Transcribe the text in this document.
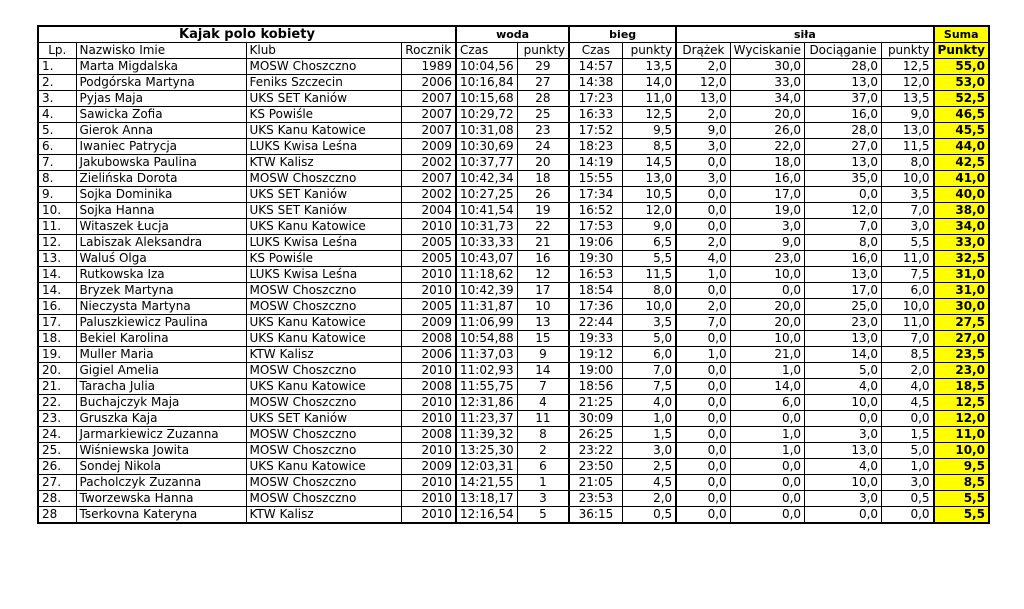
Kajak polo kobiety				woda		bieg		siła				Suma
Lp.	Nazwisko Imie	Klub	Rocznik	Czas	punkty	Czas	punkty	Drążek	Wyciskanie	Dociąganie	punkty	Punkty
1.	Marta Migdalska	MOSW Choszczno	1989	10:04,56	29	14:57	13,5	2,0	30,0	28,0	12,5	55,0
2.	Podgórska Martyna	Feniks Szczecin	2006	10:16,84	27	14:38	14,0	12,0	33,0	13,0	12,0	53,0
3.	Pyjas Maja	UKS SET Kaniów	2007	10:15,68	28	17:23	11,0	13,0	34,0	37,0	13,5	52,5
4.	Sawicka Zofia	KS Powiśle	2007	10:29,72	25	16:33	12,5	2,0	20,0	16,0	9,0	46,5
5.	Gierok Anna	UKS Kanu Katowice	2007	10:31,08	23	17:52	9,5	9,0	26,0	28,0	13,0	45,5
6.	Iwaniec Patrycja	LUKS Kwisa Leśna	2009	10:30,69	24	18:23	8,5	3,0	22,0	27,0	11,5	44,0
7.	Jakubowska Paulina	KTW Kalisz	2002	10:37,77	20	14:19	14,5	0,0	18,0	13,0	8,0	42,5
8.	Zielińska Dorota	MOSW Choszczno	2007	10:42,34	18	15:55	13,0	3,0	16,0	35,0	10,0	41,0
9.	Sojka Dominika	UKS SET Kaniów	2002	10:27,25	26	17:34	10,5	0,0	17,0	0,0	3,5	40,0
10.	Sojka Hanna	UKS SET Kaniów	2004	10:41,54	19	16:52	12,0	0,0	19,0	12,0	7,0	38,0
11.	Witaszek Łucja	UKS Kanu Katowice	2010	10:31,73	22	17:53	9,0	0,0	3,0	7,0	3,0	34,0
12.	Labiszak Aleksandra	LUKS Kwisa Leśna	2005	10:33,33	21	19:06	6,5	2,0	9,0	8,0	5,5	33,0
13.	Waluś Olga	KS Powiśle	2005	10:43,07	16	19:30	5,5	4,0	23,0	16,0	11,0	32,5
14.	Rutkowska Iza	LUKS Kwisa Leśna	2010	11:18,62	12	16:53	11,5	1,0	10,0	13,0	7,5	31,0
14.	Bryzek Martyna	MOSW Choszczno	2010	10:42,39	17	18:54	8,0	0,0	0,0	17,0	6,0	31,0
16.	Nieczysta Martyna	MOSW Choszczno	2005	11:31,87	10	17:36	10,0	2,0	20,0	25,0	10,0	30,0
17.	Paluszkiewicz Paulina	UKS Kanu Katowice	2009	11:06,99	13	22:44	3,5	7,0	20,0	23,0	11,0	27,5
18.	Bekiel Karolina	UKS Kanu Katowice	2008	10:54,88	15	19:33	5,0	0,0	10,0	13,0	7,0	27,0
19.	Muller Maria	KTW Kalisz	2006	11:37,03	9	19:12	6,0	1,0	21,0	14,0	8,5	23,5
20.	Gigiel Amelia	MOSW Choszczno	2010	11:02,93	14	19:00	7,0	0,0	1,0	5,0	2,0	23,0
21.	Taracha Julia	UKS Kanu Katowice	2008	11:55,75	7	18:56	7,5	0,0	14,0	4,0	4,0	18,5
22.	Buchajczyk Maja	MOSW Choszczno	2010	12:31,86	4	21:25	4,0	0,0	6,0	10,0	4,5	12,5
23.	Gruszka Kaja	UKS SET Kaniów	2010	11:23,37	11	30:09	1,0	0,0	0,0	0,0	0,0	12,0
24.	Jarmarkiewicz Zuzanna	MOSW Choszczno	2008	11:39,32	8	26:25	1,5	0,0	1,0	3,0	1,5	11,0
25.	Wiśniewska Jowita	MOSW Choszczno	2010	13:25,30	2	23:22	3,0	0,0	1,0	13,0	5,0	10,0
26.	Sondej Nikola	UKS Kanu Katowice	2009	12:03,31	6	23:50	2,5	0,0	0,0	4,0	1,0	9,5
27.	Pacholczyk Zuzanna	MOSW Choszczno	2010	14:21,55	1	21:05	4,5	0,0	0,0	10,0	3,0	8,5
28.	Tworzewska Hanna	MOSW Choszczno	2010	13:18,17	3	23:53	2,0	0,0	0,0	3,0	0,5	5,5
28	Tserkovna Kateryna	KTW Kalisz	2010	12:16,54	5	36:15	0,5	0,0	0,0	0,0	0,0	5,5
